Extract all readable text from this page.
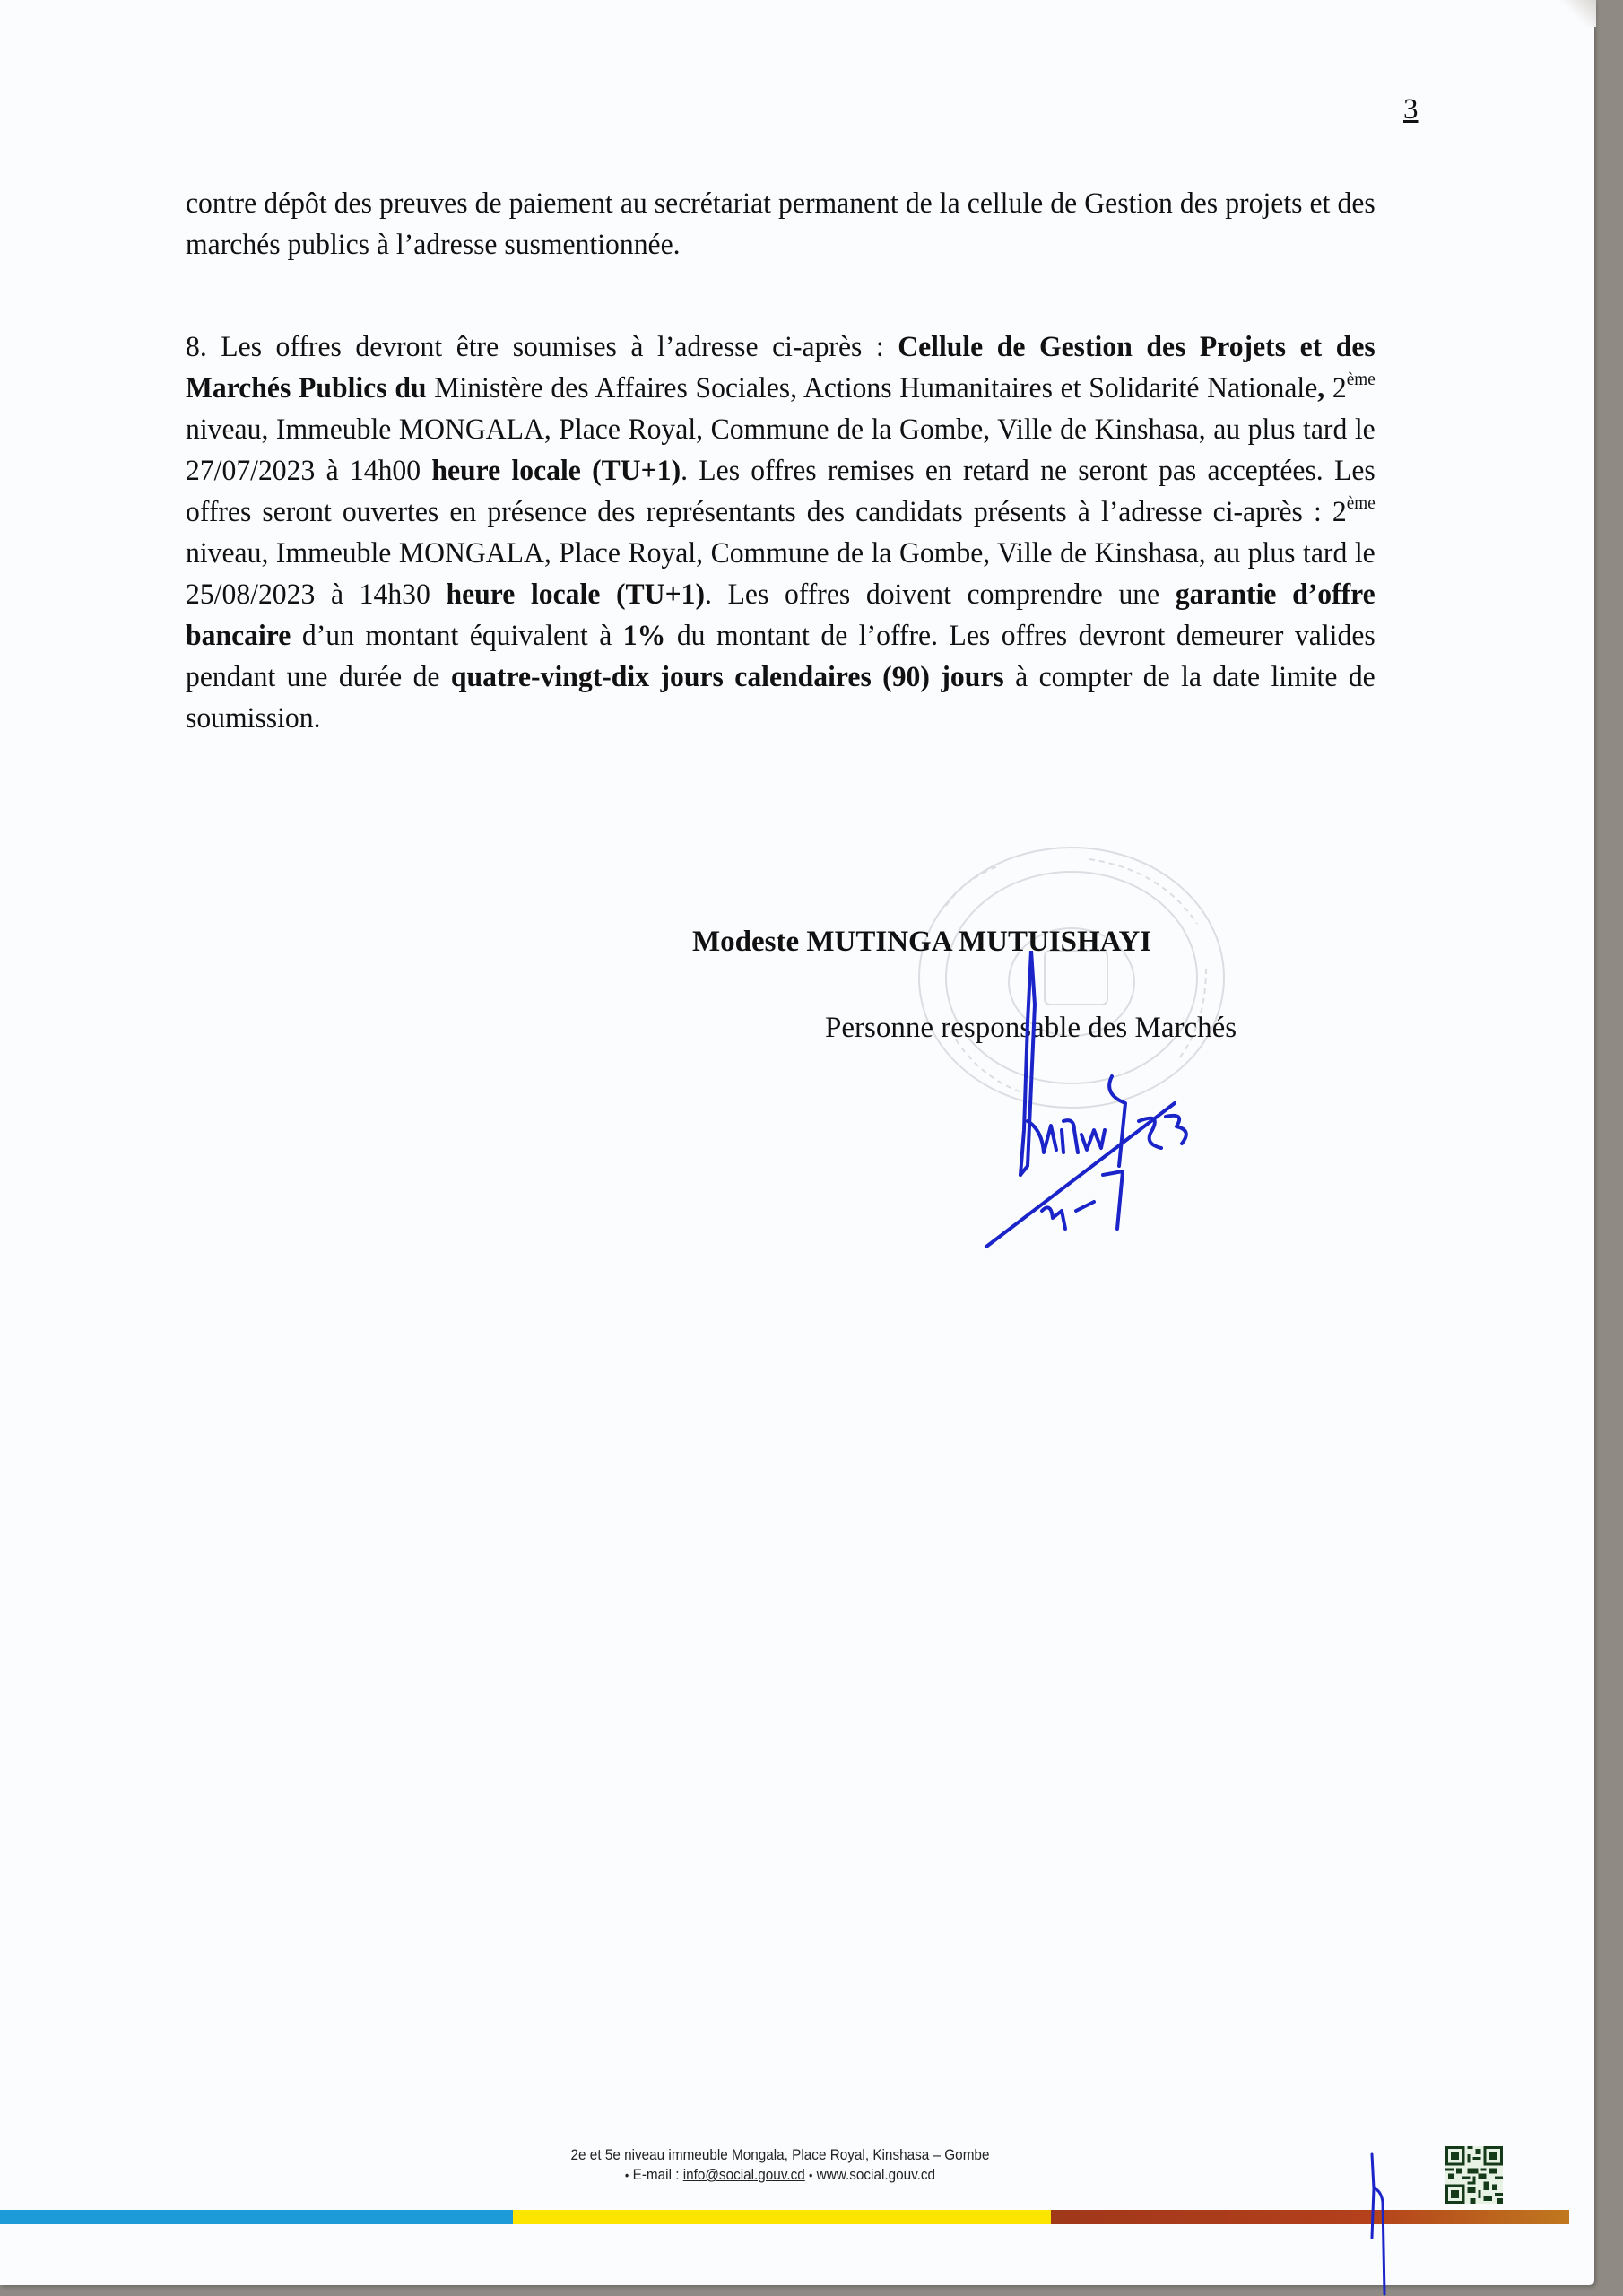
3

contre dépôt des preuves de paiement au secrétariat permanent de la cellule de Gestion des projets et des marchés publics à l’adresse susmentionnée.

8. Les offres devront être soumises à l’adresse ci-après : Cellule de Gestion des Projets et des Marchés Publics du Ministère des Affaires Sociales, Actions Humanitaires et Solidarité Nationale, 2ème niveau, Immeuble MONGALA, Place Royal, Commune de la Gombe, Ville de Kinshasa, au plus tard le 27/07/2023 à 14h00 heure locale (TU+1). Les offres remises en retard ne seront pas acceptées. Les offres seront ouvertes en présence des représentants des candidats présents à l’adresse ci-après : 2ème niveau, Immeuble MONGALA, Place Royal, Commune de la Gombe, Ville de Kinshasa, au plus tard le 25/08/2023 à 14h30 heure locale (TU+1). Les offres doivent comprendre une garantie d’offre bancaire d’un montant équivalent à 1% du montant de l’offre. Les offres devront demeurer valides pendant une durée de quatre-vingt-dix jours calendaires (90) jours à compter de la date limite de soumission.

Modeste MUTINGA MUTUISHAYI
Personne responsable des Marchés
2e et 5e niveau immeuble Mongala, Place Royal, Kinshasa – Gombe
• E-mail : info@social.gouv.cd • www.social.gouv.cd
